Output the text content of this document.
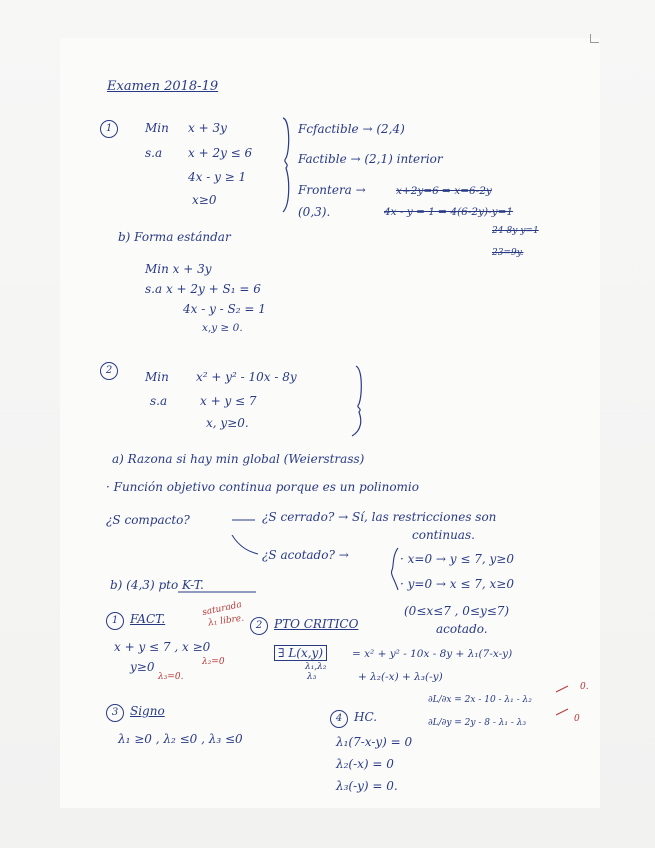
Examen 2018-19
1	Min x + 3y
s.a x + 2y ≤ 6
4x - y ≥ 1
x≥0
Fcfactible → (2,4)
Factible → (2,1) interior
Frontera →
(0,3).
x+2y=6 ⇒ x=6-2y
4x - y = 1 ⇒ 4(6-2y)-y=1
24-8y-y=1
23=9y.
b) Forma estándar
Min x + 3y
s.a x + 2y + S₁ = 6
4x - y - S₂ = 1
x,y ≥ 0.
2	Min x² + y² - 10x - 8y
s.a	x + y ≤ 7
x, y≥0.
a) Razona si hay min global (Weierstrass)
· Función objetivo continua porque es un polinomio
¿S compacto?	¿S cerrado? → Sí, las restricciones son
continuas.
¿S acotado? →	· x=0 → y ≤ 7, y≥0
· y=0 → x ≤ 7, x≥0
(0≤x≤7 , 0≤y≤7)
acotado.
b) (4,3) pto K-T.
1 FACT.
saturada
λ₁ libre.
x + y ≤ 7 , x ≥0
y≥0	λ₂=0
λ₃=0.
2 PTO CRITICO
∃ L(x,y)
λ₁,λ₂
λ₃
= x² + y² - 10x - 8y + λ₁(7-x-y)
+ λ₂(-x) + λ₃(-y)
∂L/∂x = 2x - 10 - λ₁ - λ₂
∂L/∂y = 2y - 8 - λ₁ - λ₃
0.
0
3 Signo
λ₁ ≥0 , λ₂ ≤0 , λ₃ ≤0
4 HC.
λ₁(7-x-y) = 0
λ₂(-x) = 0
λ₃(-y) = 0.
